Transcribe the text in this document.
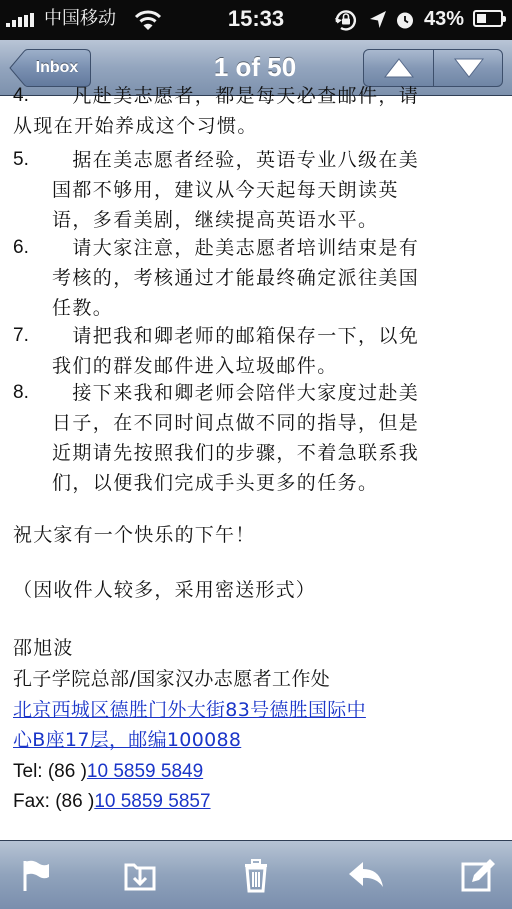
中国移动	15:33	43%
Inbox	1 of 50
4. 　凡赴美志愿者，都是每天必查邮件，请
从现在开始养成这个习惯。
5. 　据在美志愿者经验，英语专业八级在美
国都不够用，建议从今天起每天朗读英
语，多看美剧，继续提高英语水平。
6. 　请大家注意，赴美志愿者培训结束是有
考核的，考核通过才能最终确定派往美国
任教。
7. 　请把我和卿老师的邮箱保存一下，以免
我们的群发邮件进入垃圾邮件。
8. 　接下来我和卿老师会陪伴大家度过赴美
日子，在不同时间点做不同的指导，但是
近期请先按照我们的步骤，不着急联系我
们，以便我们完成手头更多的任务。
祝大家有一个快乐的下午！
（因收件人较多，采用密送形式）
邵旭波
孔子学院总部/国家汉办志愿者工作处
北京西城区德胜门外大街83号德胜国际中
心B座17层，邮编100088
Tel: (86 )10 5859 5849
Fax: (86 )10 5859 5857
